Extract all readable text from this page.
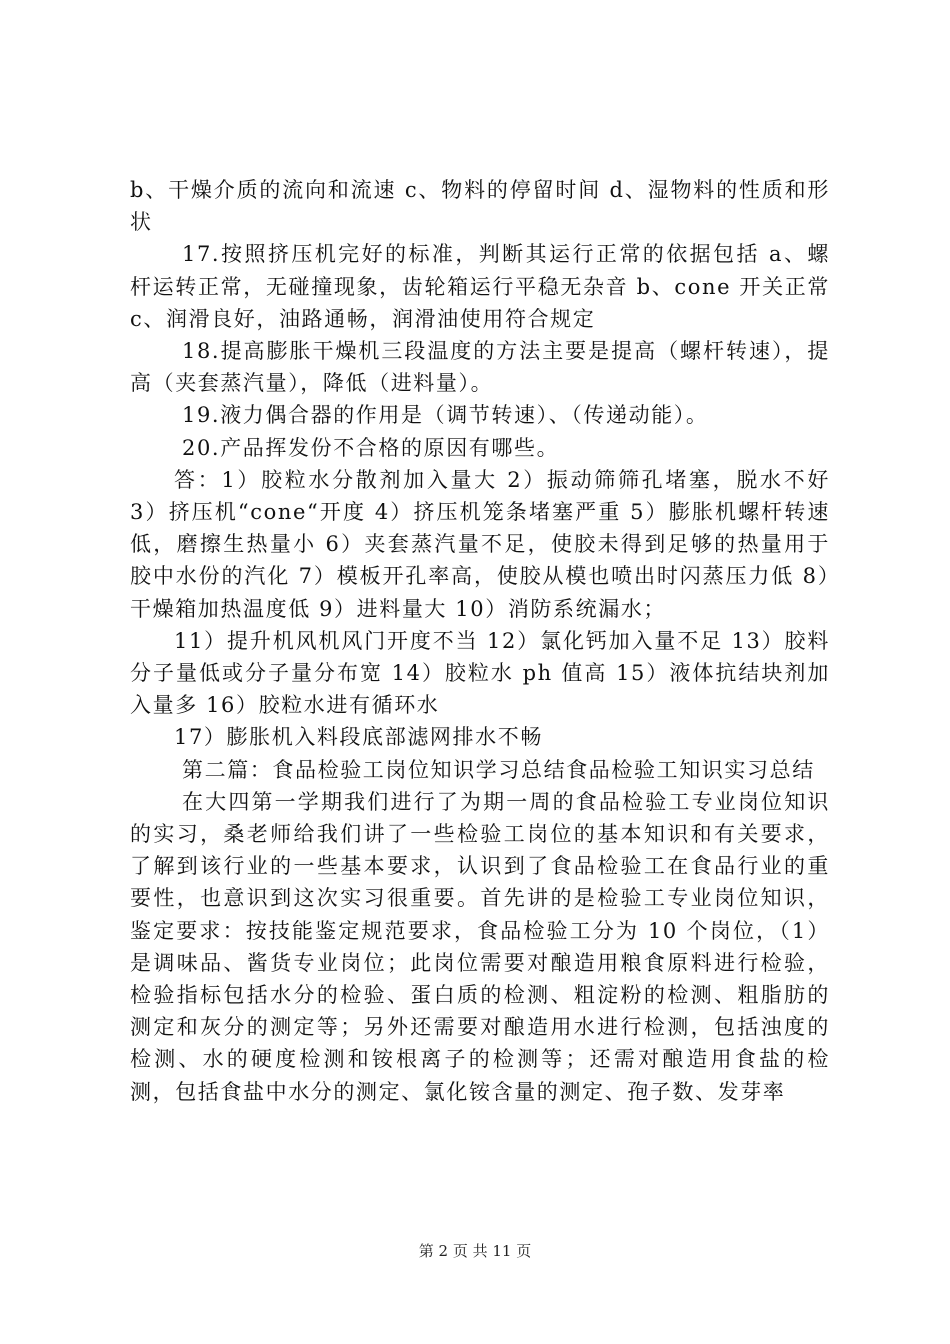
b、干燥介质的流向和流速 c、物料的停留时间 d、湿物料的性质和形状

17.按照挤压机完好的标准，判断其运行正常的依据包括 a、螺杆运转正常，无碰撞现象，齿轮箱运行平稳无杂音 b、cone 开关正常 c、润滑良好，油路通畅，润滑油使用符合规定

18.提高膨胀干燥机三段温度的方法主要是提高（螺杆转速），提高（夹套蒸汽量），降低（进料量）。

19.液力偶合器的作用是（调节转速）、（传递动能）。

20.产品挥发份不合格的原因有哪些。

答：1）胶粒水分散剂加入量大 2）振动筛筛孔堵塞，脱水不好 3）挤压机“cone“开度 4）挤压机笼条堵塞严重 5）膨胀机螺杆转速低，磨擦生热量小 6）夹套蒸汽量不足，使胶未得到足够的热量用于胶中水份的汽化 7）模板开孔率高，使胶从模也喷出时闪蒸压力低 8）干燥箱加热温度低 9）进料量大 10）消防系统漏水；

11）提升机风机风门开度不当 12）氯化钙加入量不足 13）胶料分子量低或分子量分布宽 14）胶粒水 ph 值高 15）液体抗结块剂加入量多 16）胶粒水进有循环水

17）膨胀机入料段底部滤网排水不畅

第二篇：食品检验工岗位知识学习总结食品检验工知识实习总结

在大四第一学期我们进行了为期一周的食品检验工专业岗位知识的实习，桑老师给我们讲了一些检验工岗位的基本知识和有关要求，了解到该行业的一些基本要求，认识到了食品检验工在食品行业的重要性，也意识到这次实习很重要。首先讲的是检验工专业岗位知识，鉴定要求：按技能鉴定规范要求，食品检验工分为 10 个岗位，（1）是调味品、酱货专业岗位；此岗位需要对酿造用粮食原料进行检验，检验指标包括水分的检验、蛋白质的检测、粗淀粉的检测、粗脂肪的测定和灰分的测定等；另外还需要对酿造用水进行检测，包括浊度的检测、水的硬度检测和铵根离子的检测等；还需对酿造用食盐的检测，包括食盐中水分的测定、氯化铵含量的测定、孢子数、发芽率

第 2 页 共 11 页
